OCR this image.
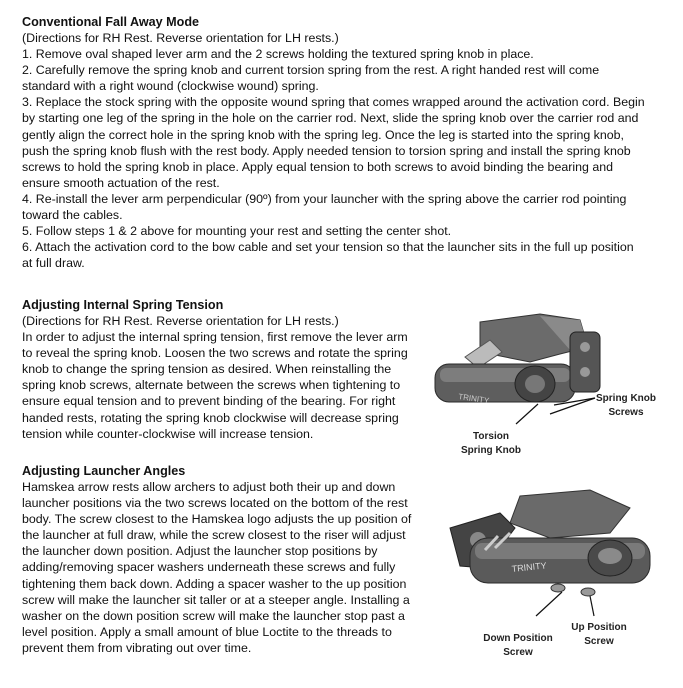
Conventional Fall Away Mode

(Directions for RH Rest. Reverse orientation for LH rests.)

1. Remove oval shaped lever arm and the 2 screws holding the textured spring knob in place.

2. Carefully remove the spring knob and current torsion spring from the rest. A right handed rest will come

standard with a right wound (clockwise wound) spring.

3. Replace the stock spring with the opposite wound spring that comes wrapped around the activation cord. Begin

by starting one leg of the spring in the hole on the carrier rod. Next, slide the spring knob over the carrier rod and

gently align the correct hole in the spring knob with the spring leg. Once the leg is started into the spring knob,

push the spring knob flush with the rest body. Apply needed tension to torsion spring and install the spring knob

screws to hold the spring knob in place. Apply equal tension to both screws to avoid binding the bearing and

ensure smooth actuation of the rest.

4. Re-install the lever arm perpendicular (90º) from your launcher with the spring above the carrier rod pointing

toward the cables.

5. Follow steps 1 & 2 above for mounting your rest and setting the center shot.

6. Attach the activation cord to the bow cable and set your tension so that the launcher sits in the full up position

at full draw.

Adjusting Internal Spring Tension

(Directions for RH Rest. Reverse orientation for LH rests.)

In order to adjust the internal spring tension, first remove the lever arm

to reveal the spring knob. Loosen the two screws and rotate the spring

knob to change the spring tension as desired. When reinstalling the

spring knob screws, alternate between the screws when tightening to

ensure equal tension and to prevent binding of the bearing. For right

handed rests, rotating the spring knob clockwise will decrease spring

tension while counter-clockwise will increase tension.

TRINITY	Spring Knob
Screws
Torsion
Spring Knob

Adjusting Launcher Angles

Hamskea arrow rests allow archers to adjust both their up and down

launcher positions via the two screws located on the bottom of the rest

body. The screw closest to the Hamskea logo adjusts the up position of

the launcher at full draw, while the screw closest to the riser will adjust

the launcher down position. Adjust the launcher stop positions by

adding/removing spacer washers underneath these screws and fully

tightening them back down. Adding a spacer washer to the up position

screw will make the launcher sit taller or at a steeper angle. Installing a

washer on the down position screw will make the launcher stop past a

level position. Apply a small amount of blue Loctite to the threads to

prevent them from vibrating out over time.

TRINITY
Down Position
Screw
Up Position
Screw
